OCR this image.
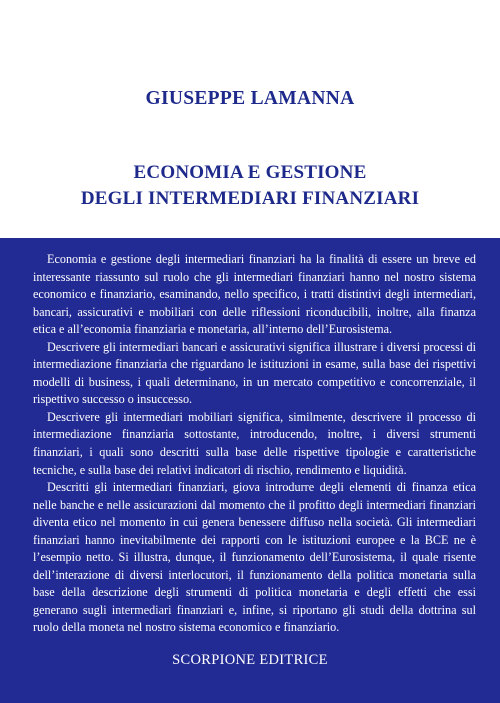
GIUSEPPE LAMANNA
ECONOMIA E GESTIONE
DEGLI INTERMEDIARI FINANZIARI

Economia e gestione degli intermediari finanziari ha la finalità di essere un breve ed interessante riassunto sul ruolo che gli intermediari finanziari hanno nel nostro sistema economico e finanziario, esaminando, nello specifico, i tratti distintivi degli intermediari, bancari, assicurativi e mobiliari con delle riflessioni riconducibili, inoltre, alla finanza etica e all’economia finanziaria e monetaria, all’interno dell’Eurosistema.

Descrivere gli intermediari bancari e assicurativi significa illustrare i diversi processi di intermediazione finanziaria che riguardano le istituzioni in esame, sulla base dei rispettivi modelli di business, i quali determinano, in un mercato competitivo e concorrenziale, il rispettivo successo o insuccesso.

Descrivere gli intermediari mobiliari significa, similmente, descrivere il processo di intermediazione finanziaria sottostante, introducendo, inoltre, i diversi strumenti finanziari, i quali sono descritti sulla base delle rispettive tipologie e caratteristiche tecniche, e sulla base dei relativi indicatori di rischio, rendimento e liquidità.

Descritti gli intermediari finanziari, giova introdurre degli elementi di finanza etica nelle banche e nelle assicurazioni dal momento che il profitto degli intermediari finanziari diventa etico nel momento in cui genera benessere diffuso nella società. Gli intermediari finanziari hanno inevitabilmente dei rapporti con le istituzioni europee e la BCE ne è l’esempio netto. Si illustra, dunque, il funzionamento dell’Eurosistema, il quale risente dell’interazione di diversi interlocutori, il funzionamento della politica monetaria sulla base della descrizione degli strumenti di politica monetaria e degli effetti che essi generano sugli intermediari finanziari e, infine, si riportano gli studi della dottrina sul ruolo della moneta nel nostro sistema economico e finanziario.

SCORPIONE EDITRICE
